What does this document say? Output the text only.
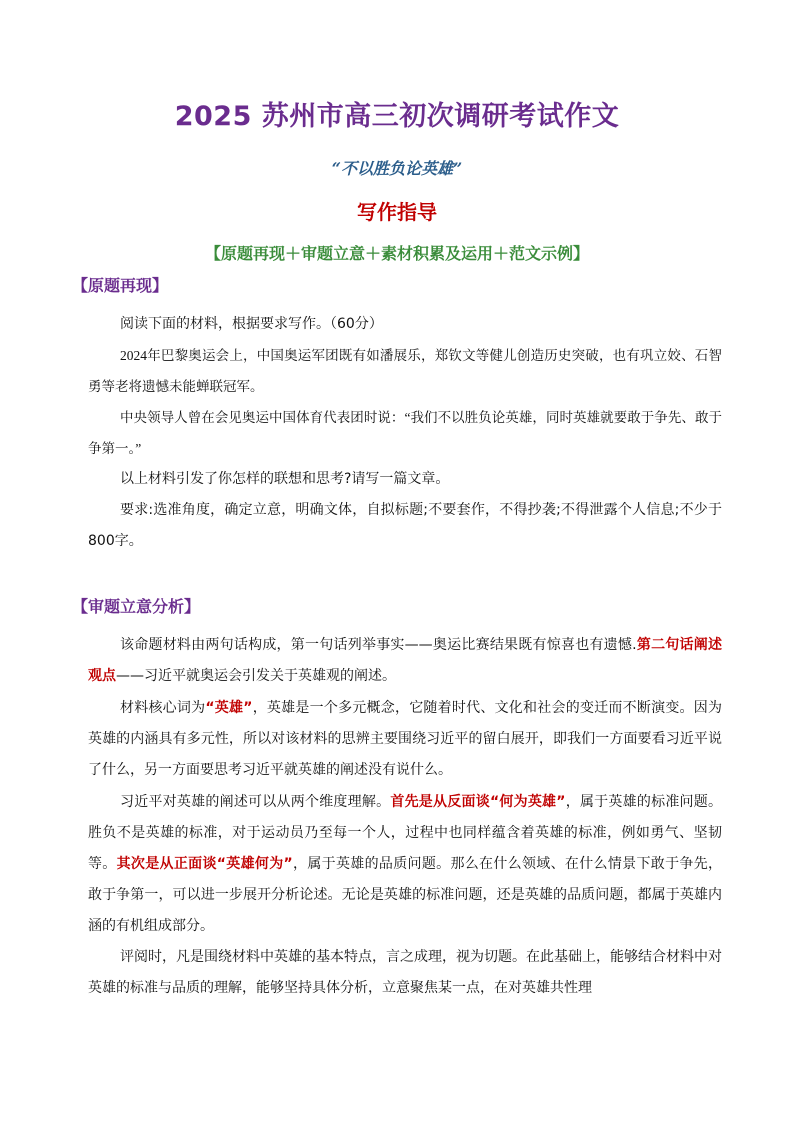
2025 苏州市高三初次调研考试作文
“不以胜负论英雄”
写作指导
【原题再现＋审题立意＋素材积累及运用＋范文示例】
【原题再现】
阅读下面的材料，根据要求写作。（60分）
2024年巴黎奥运会上，中国奥运军团既有如潘展乐，郑钦文等健儿创造历史突破，也有巩立姣、石智勇等老将遗憾未能蝉联冠军。
中央领导人曾在会见奥运中国体育代表团时说：“我们不以胜负论英雄，同时英雄就要敢于争先、敢于争第一。”
以上材料引发了你怎样的联想和思考?请写一篇文章。
要求:选准角度，确定立意，明确文体，自拟标题;不要套作，不得抄袭;不得泄露个人信息;不少于800字。
【审题立意分析】
该命题材料由两句话构成，第一句话列举事实——奥运比赛结果既有惊喜也有遗憾.第二句话阐述观点——习近平就奥运会引发关于英雄观的阐述。
材料核心词为“英雄”，英雄是一个多元概念，它随着时代、文化和社会的变迁而不断演变。因为英雄的内涵具有多元性，所以对该材料的思辨主要围绕习近平的留白展开，即我们一方面要看习近平说了什么，另一方面要思考习近平就英雄的阐述没有说什么。
习近平对英雄的阐述可以从两个维度理解。首先是从反面谈“何为英雄”，属于英雄的标准问题。胜负不是英雄的标准，对于运动员乃至每一个人，过程中也同样蕴含着英雄的标准，例如勇气、坚韧等。其次是从正面谈“英雄何为”，属于英雄的品质问题。那么在什么领域、在什么情景下敢于争先，敢于争第一，可以进一步展开分析论述。无论是英雄的标准问题，还是英雄的品质问题，都属于英雄内涵的有机组成部分。
评阅时，凡是围绕材料中英雄的基本特点，言之成理，视为切题。在此基础上，能够结合材料中对英雄的标准与品质的理解，能够坚持具体分析，立意聚焦某一点，在对英雄共性理
